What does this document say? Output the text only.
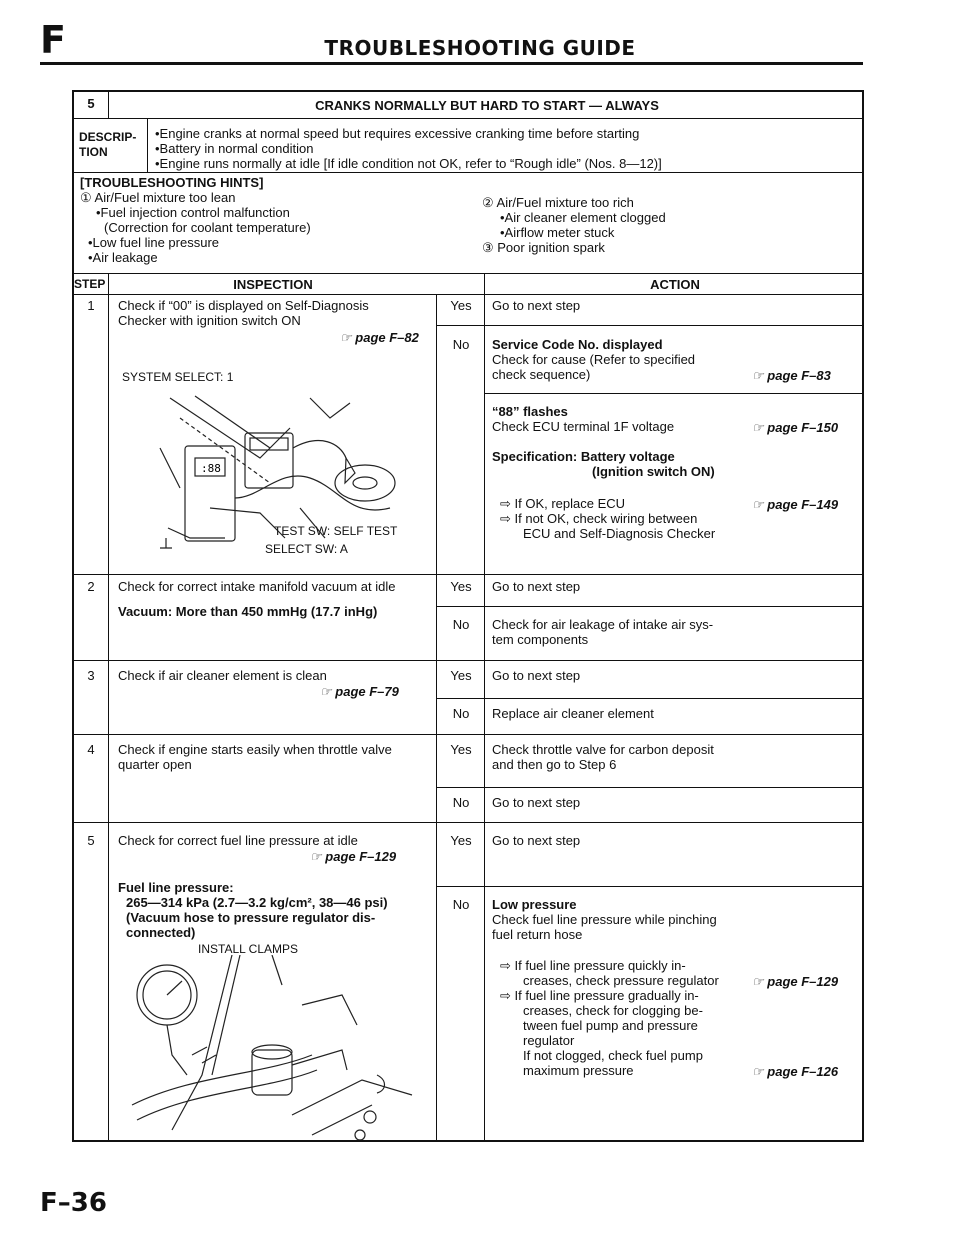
F	TROUBLESHOOTING GUIDE
F–36
5	CRANKS NORMALLY BUT HARD TO START — ALWAYS
DESCRIP-
TION
•Engine cranks at normal speed but requires excessive cranking time before starting
•Battery in normal condition
•Engine runs normally at idle [If idle condition not OK, refer to “Rough idle” (Nos. 8—12)]
[TROUBLESHOOTING HINTS]
① Air/Fuel mixture too lean
•Fuel injection control malfunction
(Correction for coolant temperature)
•Low fuel line pressure
•Air leakage
② Air/Fuel mixture too rich
•Air cleaner element clogged
•Airflow meter stuck
③ Poor ignition spark
STEP	INSPECTION	ACTION
1	Check if “00” is displayed on Self-Diagnosis
Checker with ignition switch ON
☞ page F–82
SYSTEM SELECT: 1
:88
TEST SW: SELF TEST
SELECT SW: A
Yes	Go to next step
No	Service Code No. displayed
Check for cause (Refer to specified
check sequence)	☞ page F–83
“88” flashes
Check ECU terminal 1F voltage	☞ page F–150
Specification: Battery voltage
(Ignition switch ON)
⇨ If OK, replace ECU	☞ page F–149
⇨ If not OK, check wiring between
ECU and Self-Diagnosis Checker
2	Check for correct intake manifold vacuum at idle
Vacuum: More than 450 mmHg (17.7 inHg)
Yes	Go to next step
No	Check for air leakage of intake air sys-
tem components
3	Check if air cleaner element is clean
☞ page F–79
Yes	Go to next step
No	Replace air cleaner element
4	Check if engine starts easily when throttle valve
quarter open
Yes	Check throttle valve for carbon deposit
and then go to Step 6
No	Go to next step
5	Check for correct fuel line pressure at idle
☞ page F–129
Fuel line pressure:
265—314 kPa (2.7—3.2 kg/cm², 38—46 psi)
(Vacuum hose to pressure regulator dis-
connected)
INSTALL CLAMPS
Yes	Go to next step
No	Low pressure
Check fuel line pressure while pinching
fuel return hose
⇨ If fuel line pressure quickly in-
creases, check pressure regulator	☞ page F–129
⇨ If fuel line pressure gradually in-
creases, check for clogging be-
tween fuel pump and pressure
regulator
If not clogged, check fuel pump
maximum pressure	☞ page F–126
